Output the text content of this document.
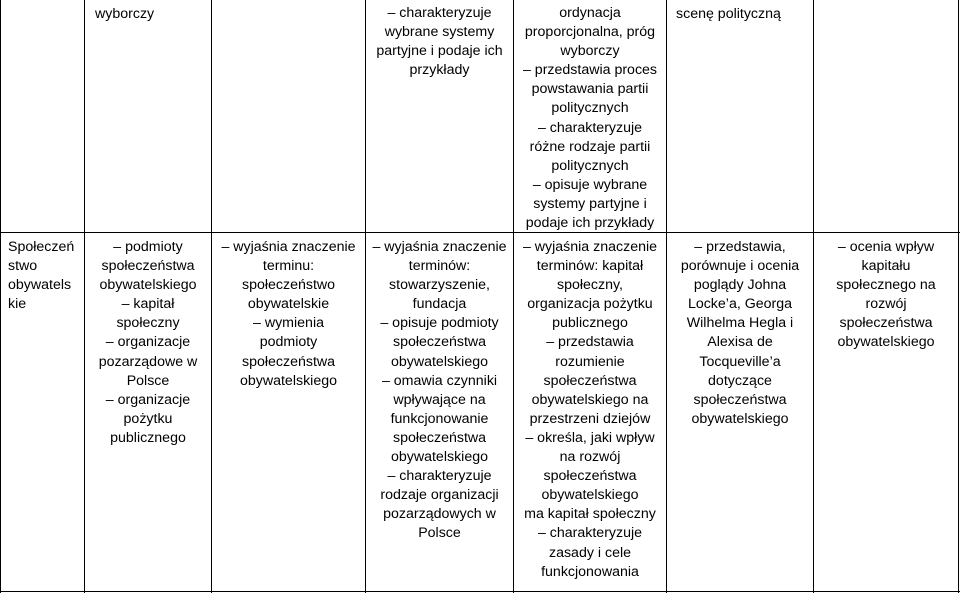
wyborczy	– charakteryzuje
wybrane systemy
partyjne i podaje ich
przykłady
ordynacja
proporcjonalna, próg
wyborczy
– przedstawia proces
powstawania partii
politycznych
– charakteryzuje
różne rodzaje partii
politycznych
– opisuje wybrane
systemy partyjne i
podaje ich przykłady
scenę polityczną
Społeczeń
stwo
obywatels
kie
– podmioty
społeczeństwa
obywatelskiego
– kapitał
społeczny
– organizacje
pozarządowe w
Polsce
– organizacje
pożytku
publicznego
– wyjaśnia znaczenie
terminu:
społeczeństwo
obywatelskie
– wymienia
podmioty
społeczeństwa
obywatelskiego
– wyjaśnia znaczenie
terminów:
stowarzyszenie,
fundacja
– opisuje podmioty
społeczeństwa
obywatelskiego
– omawia czynniki
wpływające na
funkcjonowanie
społeczeństwa
obywatelskiego
– charakteryzuje
rodzaje organizacji
pozarządowych w
Polsce
– wyjaśnia znaczenie
terminów: kapitał
społeczny,
organizacja pożytku
publicznego
– przedstawia
rozumienie
społeczeństwa
obywatelskiego na
przestrzeni dziejów
– określa, jaki wpływ
na rozwój
społeczeństwa
obywatelskiego
ma kapitał społeczny
– charakteryzuje
zasady i cele
funkcjonowania
– przedstawia,
porównuje i ocenia
poglądy Johna
Locke’a, Georga
Wilhelma Hegla i
Alexisa de
Tocqueville’a
dotyczące
społeczeństwa
obywatelskiego
– ocenia wpływ
kapitału
społecznego na
rozwój
społeczeństwa
obywatelskiego
